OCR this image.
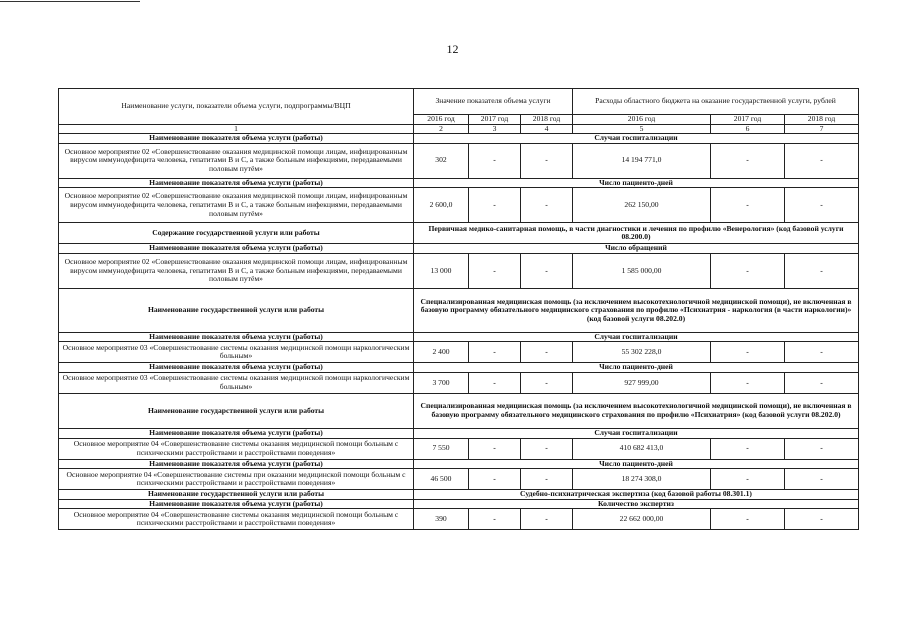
12
Наименование услуги, показатели объема услуги, подпрограммы/ВЦП	Значение показателя объема услуги			Расходы областного бюджета на оказание государственной услуги, рублей		
	2016 год	2017 год	2018 год	2016 год	2017 год	2018 год
1	2	3	4	5	6	7
Наименование показателя объема услуги (работы)	Случаи госпитализации					
Основное мероприятие 02 «Совершенствование оказания медицинской помощи лицам, инфицированным вирусом иммунодефицита человека, гепатитами В и С, а также больным инфекциями, передаваемыми половым путём»	302	-	-	14 194 771,0	-	-
Наименование показателя объема услуги (работы)	Число пациенто-дней					
Основное мероприятие 02 «Совершенствование оказания медицинской помощи лицам, инфицированным вирусом иммунодефицита человека, гепатитами В и С, а также больным инфекциями, передаваемыми половым путём»	2 600,0	-	-	262 150,00	-	-
Содержание государственной услуги или работы	Первичная медико-санитарная помощь, в части диагностики и лечения по профилю «Венерология» (код базовой услуги 08.200.0)					
Наименование показателя объема услуги (работы)	Число обращений					
Основное мероприятие 02 «Совершенствование оказания медицинской помощи лицам, инфицированным вирусом иммунодефицита человека, гепатитами В и С, а также больным инфекциями, передаваемыми половым путём»	13 000	-	-	1 585 000,00	-	-
Наименование государственной услуги или работы	Специализированная медицинская помощь (за исключением высокотехнологичной медицинской помощи), не включенная в базовую программу обязательного медицинского страхования по профилю «Психиатрия - наркология (в части наркологии)» (код базовой услуги 08.202.0)					
Наименование показателя объема услуги (работы)	Случаи госпитализации					
Основное мероприятие 03 «Совершенствование системы оказания медицинской помощи наркологическим больным»	2 400	-	-	55 302 228,0	-	-
Наименование показателя объема услуги (работы)	Число пациенто-дней					
Основное мероприятие 03 «Совершенствование системы оказания медицинской помощи наркологическим больным»	3 700	-	-	927 999,00	-	-
Наименование государственной услуги или работы	Специализированная медицинская помощь (за исключением высокотехнологичной медицинской помощи), не включенная в базовую программу обязательного медицинского страхования по профилю «Психиатрия» (код базовой услуги 08.202.0)					
Наименование показателя объема услуги (работы)	Случаи госпитализации					
Основное мероприятие 04 «Совершенствование системы оказания медицинской помощи больным с психическими расстройствами и расстройствами поведения»	7 550	-	-	410 682 413,0	-	-
Наименование показателя объема услуги (работы)	Число пациенто-дней					
Основное мероприятие 04 «Совершенствование системы при оказании медицинской помощи больным с психическими расстройствами и расстройствами поведения»	46 500	-	-	18 274 308,0	-	-
Наименование государственной услуги или работы	Судебно-психиатрическая экспертиза (код базовой работы 08.301.1)					
Наименование показателя объема услуги (работы)	Количество экспертиз					
Основное мероприятие 04 «Совершенствование системы оказания медицинской помощи больным с психическими расстройствами и расстройствами поведения»	390	-	-	22 662 000,00	-	-
